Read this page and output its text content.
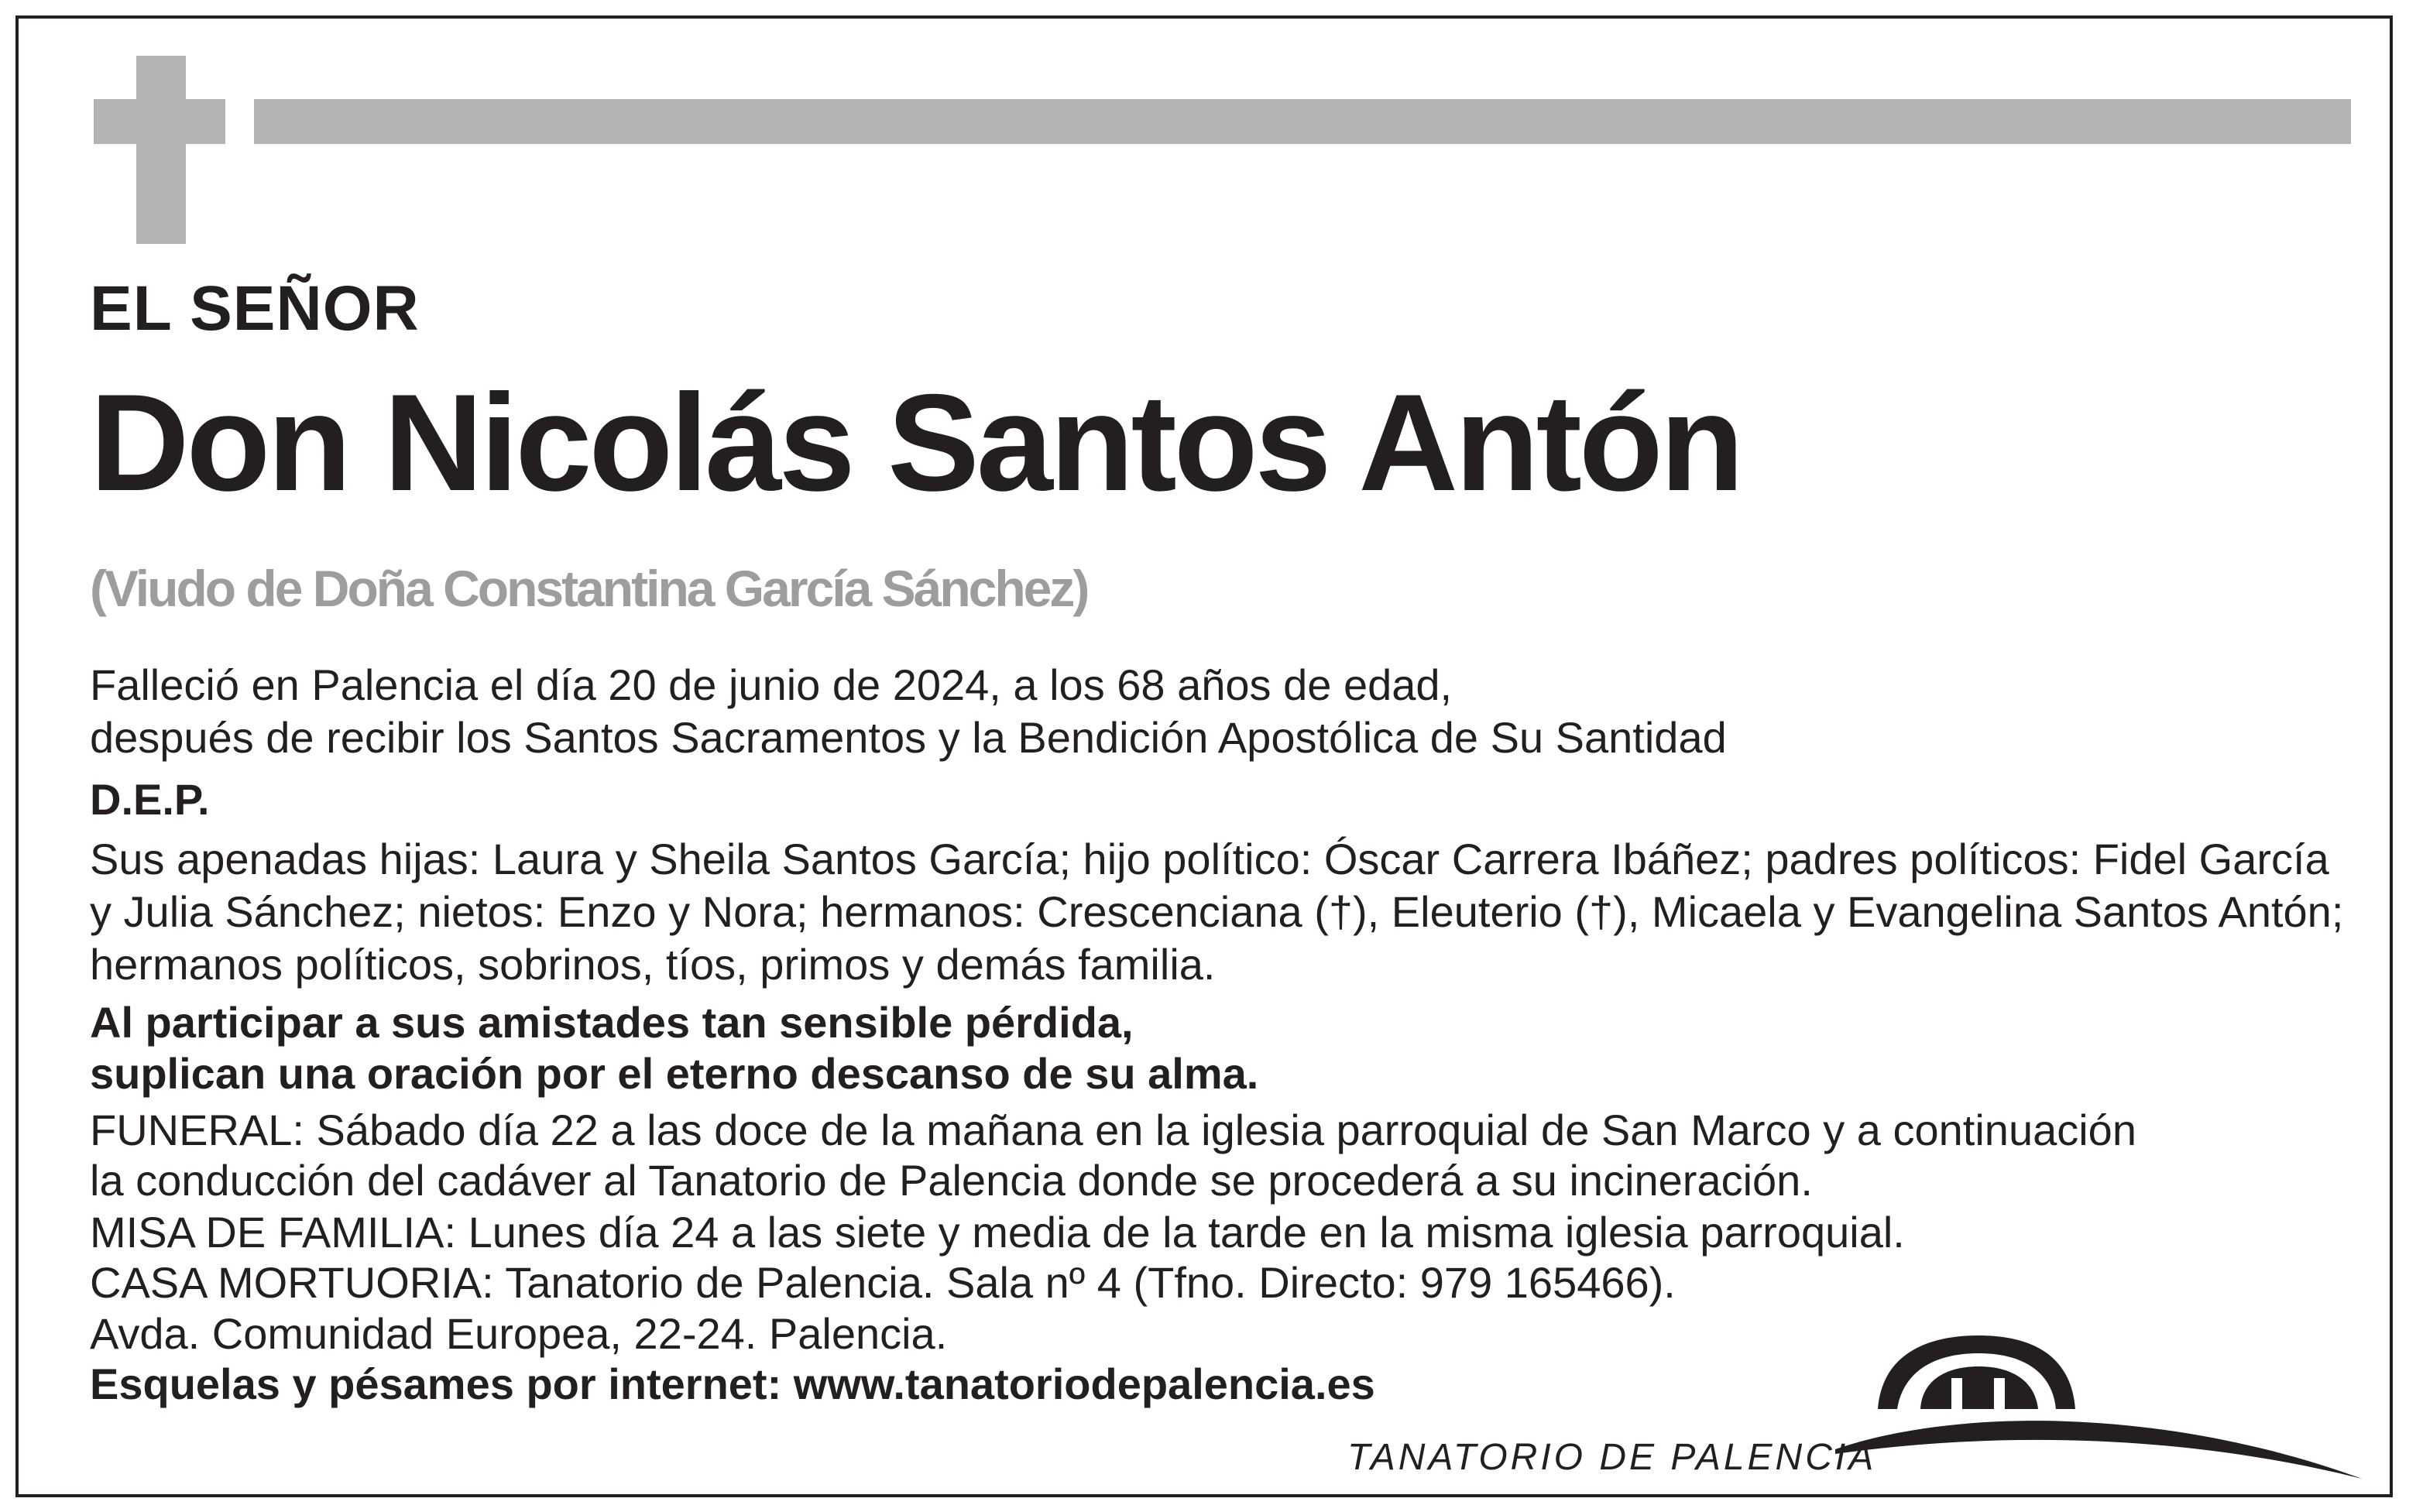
EL SEÑOR

Don Nicolás Santos Antón

(Viudo de Doña Constantina García Sánchez)

Falleció en Palencia el día 20 de junio de 2024, a los 68 años de edad,

después de recibir los Santos Sacramentos y la Bendición Apostólica de Su Santidad

D.E.P.

Sus apenadas hijas: Laura y Sheila Santos García; hijo político: Óscar Carrera Ibáñez; padres políticos: Fidel García

y Julia Sánchez; nietos: Enzo y Nora; hermanos: Crescenciana (†), Eleuterio (†), Micaela y Evangelina Santos Antón;

hermanos políticos, sobrinos, tíos, primos y demás familia.

Al participar a sus amistades tan sensible pérdida,

suplican una oración por el eterno descanso de su alma.

FUNERAL: Sábado día 22 a las doce de la mañana en la iglesia parroquial de San Marco y a continuación

la conducción del cadáver al Tanatorio de Palencia donde se procederá a su incineración.

MISA DE FAMILIA: Lunes día 24 a las siete y media de la tarde en la misma iglesia parroquial.

CASA MORTUORIA: Tanatorio de Palencia. Sala nº 4 (Tfno. Directo: 979 165466).

Avda. Comunidad Europea, 22-24. Palencia.

Esquelas y pésames por internet: www.tanatoriodepalencia.es

TANATORIO DE PALENCIA
